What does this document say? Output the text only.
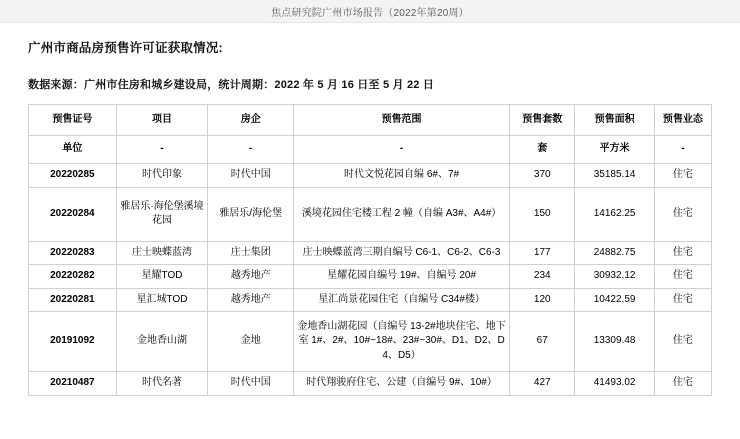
焦点研究院广州市场报告（2022年第20周）
广州市商品房预售许可证获取情况:
数据来源：广州市住房和城乡建设局，统计周期：2022 年 5 月 16 日至 5 月 22 日
预售证号	项目	房企	预售范围	预售套数	预售面积	预售业态
单位	-	-	-	套	平方米	-
20220285	时代印象	时代中国	时代文悦花园自编 6#、7#	370	35185.14	住宅
20220284	雅居乐·海伦堡溪境花园	雅居乐/海伦堡	溪境花园住宅楼工程 2 幢（自编 A3#、A4#）	150	14162.25	住宅
20220283	庄士映蝶蓝湾	庄士集团	庄士映蝶蓝湾三期自编号 C6-1、C6-2、C6-3	177	24882.75	住宅
20220282	星耀TOD	越秀地产	星耀花园自编号 19#、自编号 20#	234	30932.12	住宅
20220281	星汇城TOD	越秀地产	星汇尚景花园住宅（自编号 C34#楼）	120	10422.59	住宅
20191092	金地香山湖	金地	金地香山湖花园（自编号 13-2#地块住宅、地下室 1#、2#、10#~18#、23#~30#、D1、D2、D4、D5）	67	13309.48	住宅
20210487	时代名著	时代中国	时代翔骏府住宅、公建（自编号 9#、10#）	427	41493.02	住宅
